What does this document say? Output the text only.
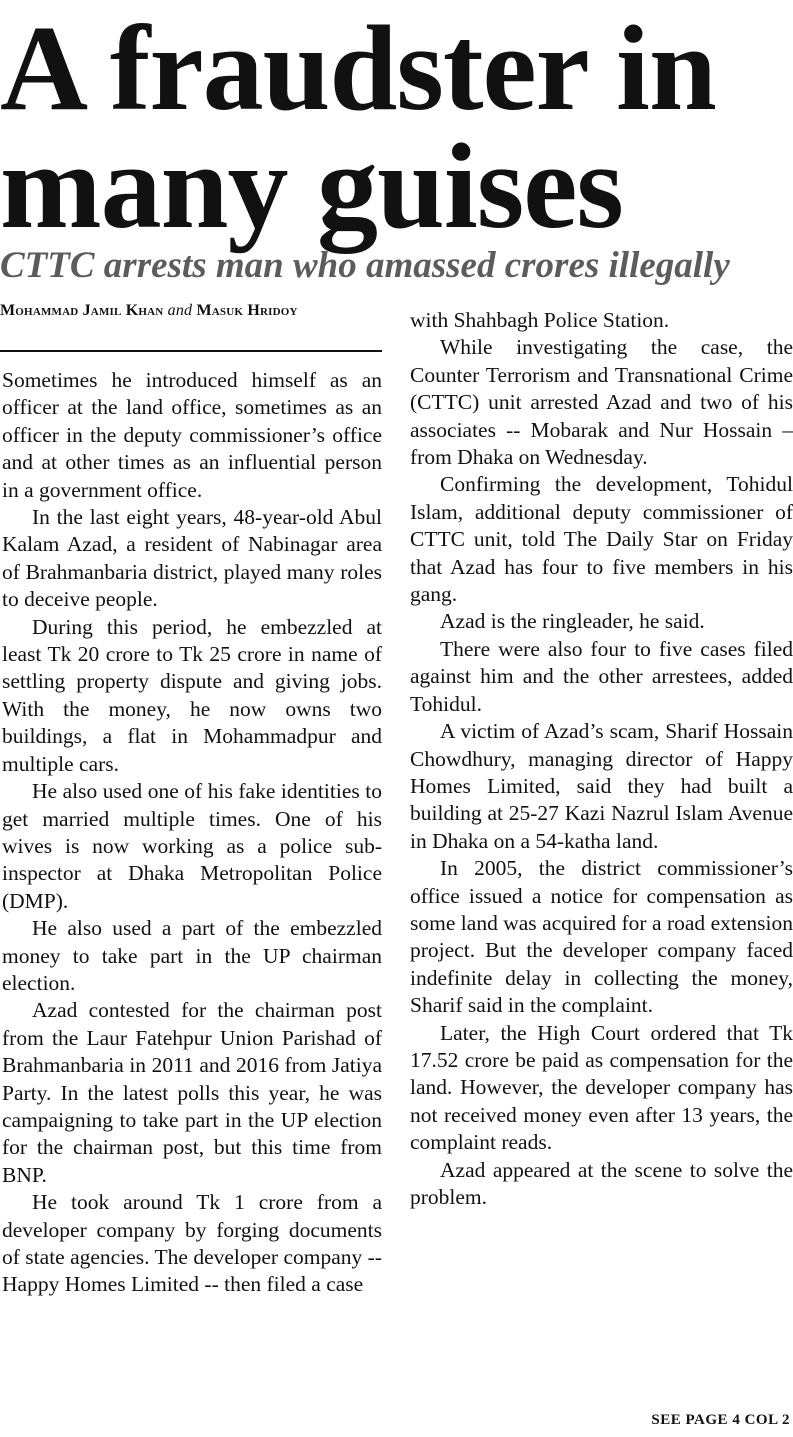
A fraudster in
many guises
CTTC arrests man who amassed crores illegally
Mohammad Jamil Khan and Masuk Hridoy

Sometimes he introduced himself as an officer at the land office, sometimes as an officer in the deputy commissioner’s office and at other times as an influential person in a government office.

In the last eight years, 48-year-old Abul Kalam Azad, a resident of Nabinagar area of Brahmanbaria district, played many roles to deceive people.

During this period, he embezzled at least Tk 20 crore to Tk 25 crore in name of settling property dispute and giving jobs. With the money, he now owns two buildings, a flat in Mohammadpur and multiple cars.

He also used one of his fake identities to get married multiple times. One of his wives is now working as a police sub-inspector at Dhaka Metropolitan Police (DMP).

He also used a part of the embezzled money to take part in the UP chairman election.

Azad contested for the chairman post from the Laur Fatehpur Union Parishad of Brahmanbaria in 2011 and 2016 from Jatiya Party. In the latest polls this year, he was campaigning to take part in the UP election for the chairman post, but this time from BNP.

He took around Tk 1 crore from a developer company by forging documents of state agencies. The developer company -- Happy Homes Limited -- then filed a case

with Shahbagh Police Station.

While investigating the case, the Counter Terrorism and Transnational Crime (CTTC) unit arrested Azad and two of his associates -- Mobarak and Nur Hossain – from Dhaka on Wednesday.

Confirming the development, Tohidul Islam, additional deputy commissioner of CTTC unit, told The Daily Star on Friday that Azad has four to five members in his gang.

Azad is the ringleader, he said.

There were also four to five cases filed against him and the other arrestees, added Tohidul.

A victim of Azad’s scam, Sharif Hossain Chowdhury, managing director of Happy Homes Limited, said they had built a building at 25-27 Kazi Nazrul Islam Avenue in Dhaka on a 54-katha land.

In 2005, the district commissioner’s office issued a notice for compensation as some land was acquired for a road extension project. But the developer company faced indefinite delay in collecting the money, Sharif said in the complaint.

Later, the High Court ordered that Tk 17.52 crore be paid as compensation for the land. However, the developer company has not received money even after 13 years, the complaint reads.

Azad appeared at the scene to solve the problem.

SEE PAGE 4 COL 2
